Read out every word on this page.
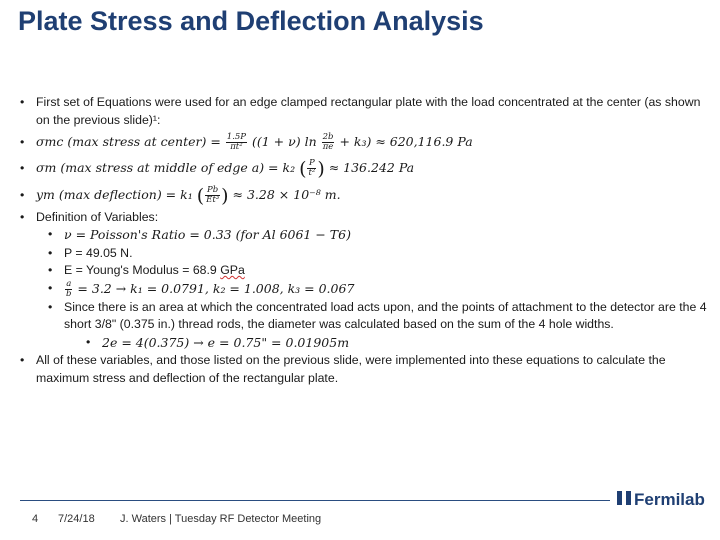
Plate Stress and Deflection Analysis
• First set of Equations were used for an edge clamped rectangular plate with the load concentrated at the center (as shown on the previous slide)¹:
• σmc (max stress at center) = $\frac{1.5P}{\text{πt²}} ((1 + \nu)$ $\ln \frac{2b}{\pi e} + k_3) \approx 620,116.9$ Pa
• σm (max stress at middle of edge a) = k₂ ( $\frac{P}{\text{t²}}$ ) ≈ 136.242 Pa
• ym (max deflection) = k₁ ( $\frac{Pb}{\text{Et³}}$ ) ≈ 3.28 × 10⁻⁸ m.
• Definition of Variables:
• ν = Poisson's Ratio = 0.33 (for Al 6061 − T6)
• P = 49.05 N.
• E = Young's Modulus = 68.9 GPa
• $\frac{a}{b} = 3.2 \to k_1 = 0.0791$, k₂ = 1.008, k₃ = 0.067
• Since there is an area at which the concentrated load acts upon, and the points of attachment to the detector are the 4 short 3/8" (0.375 in.) thread rods, the diameter was calculated based on the sum of the 4 hole widths.
• 2e = 4(0.375) → e = 0.75" = 0.01905m
• All of these variables, and those listed on the previous slide, were implemented into these equations to calculate the maximum stress and deflection of the rectangular plate.
Fermilab
4 7/24/18 J. Waters | Tuesday RF Detector Meeting
